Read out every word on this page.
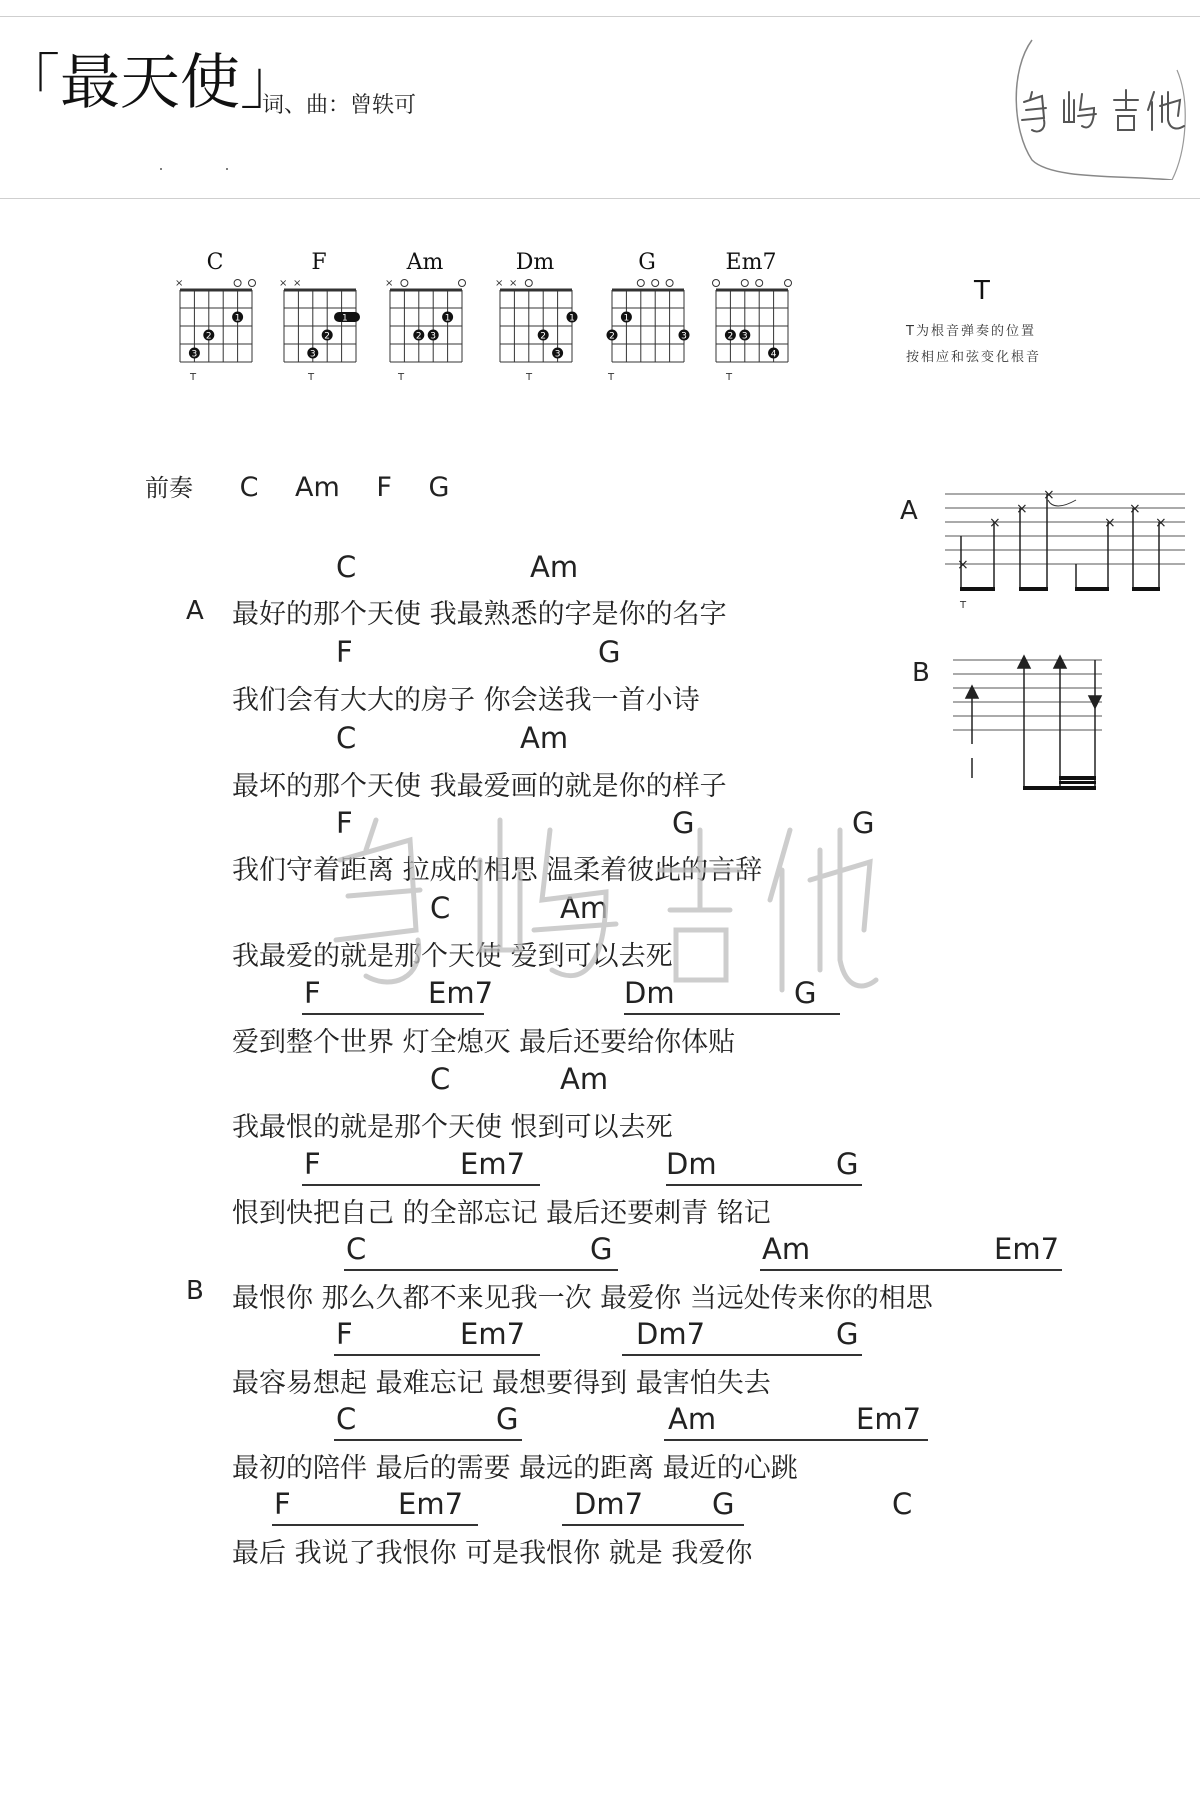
「最天使」
词、曲：曾轶可
C
×
3
2
1
T
F
× ×
1
3
2
T
Am
×
2 3
1
T
Dm
× ×
2
3
1
T
G
2
1
3
T
Em7
2 3
4
T
T
T为根音弹奏的位置
按相应和弦变化根音
前奏 C Am F G
A
×
×
×
×
×
×
×
T
B
A
B
C	Am
最好的那个天使 我最熟悉的字是你的名字
F	G
我们会有大大的房子 你会送我一首小诗
C	Am
最坏的那个天使 我最爱画的就是你的样子
F	G	G
我们守着距离 拉成的相思 温柔着彼此的言辞
C	Am
我最爱的就是那个天使 爱到可以去死
F	Em7	Dm	G
爱到整个世界 灯全熄灭 最后还要给你体贴
C	Am
我最恨的就是那个天使 恨到可以去死
F	Em7	Dm	G
恨到快把自己 的全部忘记 最后还要刺青 铭记
C	G	Am	Em7
最恨你 那么久都不来见我一次 最爱你 当远处传来你的相思
F	Em7	Dm7	G
最容易想起 最难忘记 最想要得到 最害怕失去
C	G	Am	Em7
最初的陪伴 最后的需要 最远的距离 最近的心跳
F	Em7	Dm7 G	C
最后 我说了我恨你 可是我恨你 就是 我爱你
